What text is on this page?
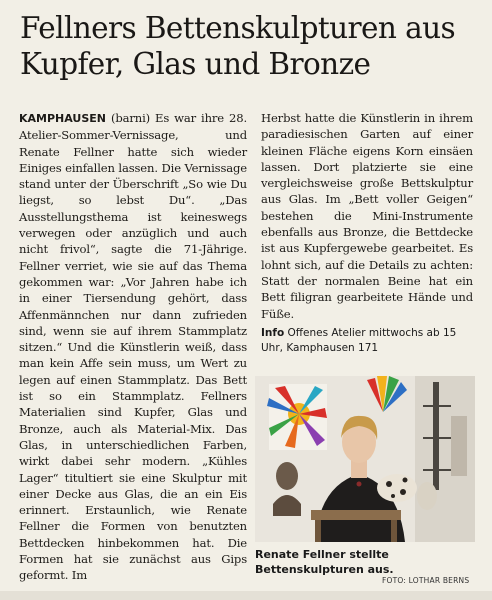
Fellners Bettenskulpturen aus Kupfer, Glas und Bronze

KAMPHAUSEN (barni) Es war ihre 28. Atelier-Sommer-Vernissage, und Renate Fellner hatte sich wieder Einiges einfallen lassen. Die Vernissage stand unter der Überschrift „So wie Du liegst, so lebst Du“. „Das Ausstellungsthema ist keineswegs verwegen oder anzüglich und auch nicht frivol“, sagte die 71-Jährige. Fellner verriet, wie sie auf das Thema gekommen war: „Vor Jahren habe ich in einer Tiersendung gehört, dass Affenmännchen nur dann zufrieden sind, wenn sie auf ihrem Stammplatz sitzen.“ Und die Künstlerin weiß, dass man kein Affe sein muss, um Wert zu legen auf einen Stammplatz. Das Bett ist so ein Stammplatz. Fellners Materialien sind Kupfer, Glas und Bronze, auch als Material-Mix. Das Glas, in unterschiedlichen Farben, wirkt dabei sehr modern. „Kühles Lager“ titultiert sie eine Skulptur mit einer Decke aus Glas, die an ein Eis erinnert. Erstaunlich, wie Renate Fellner die Formen von benutzten Bettdecken hinbekommen hat. Die Formen hat sie zunächst aus Gips geformt. Im

Herbst hatte die Künstlerin in ihrem paradiesischen Garten auf einer kleinen Fläche eigens Korn einsäen lassen. Dort platzierte sie eine vergleichsweise große Bettskulptur aus Glas. Im „Bett voller Geigen“ bestehen die Mini-Instrumente ebenfalls aus Bronze, die Bettdecke ist aus Kupfergewebe gearbeitet. Es lohnt sich, auf die Details zu achten: Statt der normalen Beine hat ein Bett filigran gearbeitete Hände und Füße.

Info Offenes Atelier mittwochs ab 15 Uhr, Kamphausen 171
Renate Fellner stellte Bettenskulpturen aus.
FOTO: LOTHAR BERNS
